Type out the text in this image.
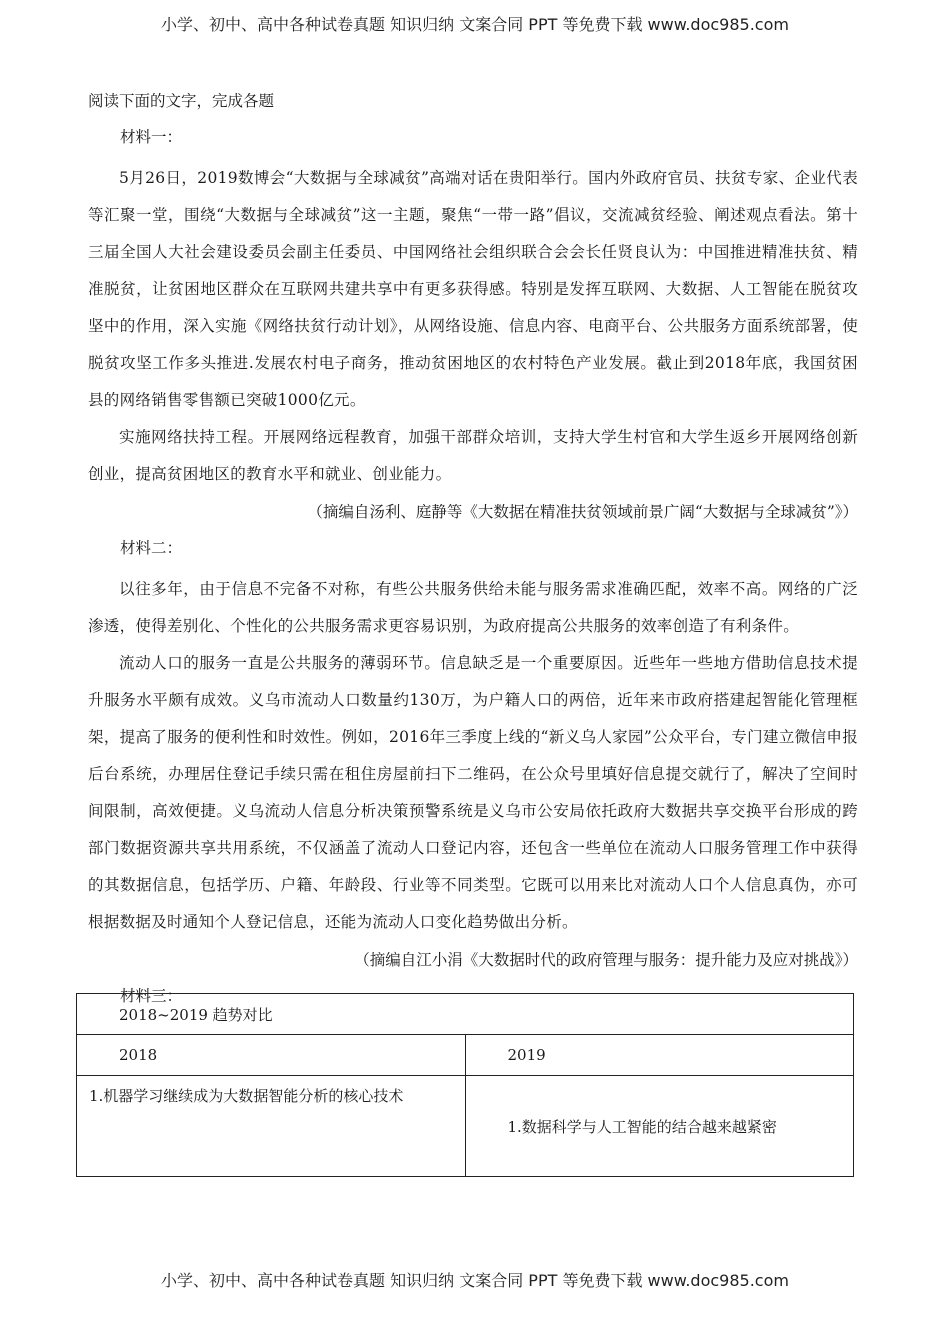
小学、初中、高中各种试卷真题 知识归纳 文案合同 PPT 等免费下载 www.doc985.com
阅读下面的文字，完成各题
材料一：

5月26日，2019数博会“大数据与全球减贫”高端对话在贵阳举行。国内外政府官员、扶贫专家、企业代表等汇聚一堂，围绕“大数据与全球减贫”这一主题，聚焦“一带一路”倡议，交流减贫经验、阐述观点看法。第十三届全国人大社会建设委员会副主任委员、中国网络社会组织联合会会长任贤良认为：中国推进精准扶贫、精准脱贫，让贫困地区群众在互联网共建共享中有更多获得感。特别是发挥互联网、大数据、人工智能在脱贫攻坚中的作用，深入实施《网络扶贫行动计划》，从网络设施、信息内容、电商平台、公共服务方面系统部署，使脱贫攻坚工作多头推进.发展农村电子商务，推动贫困地区的农村特色产业发展。截止到2018年底，我国贫困县的网络销售零售额已突破1000亿元。

实施网络扶持工程。开展网络远程教育，加强干部群众培训，支持大学生村官和大学生返乡开展网络创新创业，提高贫困地区的教育水平和就业、创业能力。

（摘编自汤利、庭静等《大数据在精准扶贫领域前景广阔“大数据与全球减贫”》）
材料二：

以往多年，由于信息不完备不对称，有些公共服务供给未能与服务需求准确匹配，效率不高。网络的广泛渗透，使得差别化、个性化的公共服务需求更容易识别，为政府提高公共服务的效率创造了有利条件。

流动人口的服务一直是公共服务的薄弱环节。信息缺乏是一个重要原因。近些年一些地方借助信息技术提升服务水平颇有成效。义乌市流动人口数量约130万，为户籍人口的两倍，近年来市政府搭建起智能化管理框架，提高了服务的便利性和时效性。例如，2016年三季度上线的“新义乌人家园”公众平台，专门建立微信申报后台系统，办理居住登记手续只需在租住房屋前扫下二维码，在公众号里填好信息提交就行了，解决了空间时间限制，高效便捷。义乌流动人信息分析决策预警系统是义乌市公安局依托政府大数据共享交换平台形成的跨部门数据资源共享共用系统，不仅涵盖了流动人口登记内容，还包含一些单位在流动人口服务管理工作中获得的其数据信息，包括学历、户籍、年龄段、行业等不同类型。它既可以用来比对流动人口个人信息真伪，亦可根据数据及时通知个人登记信息，还能为流动人口变化趋势做出分析。

（摘编自江小涓《大数据时代的政府管理与服务：提升能力及应对挑战》）
材料三：
2018~2019 趋势对比	
2018	2019
1.机器学习继续成为大数据智能分析的核心技术	1.数据科学与人工智能的结合越来越紧密
小学、初中、高中各种试卷真题 知识归纳 文案合同 PPT 等免费下载 www.doc985.com
